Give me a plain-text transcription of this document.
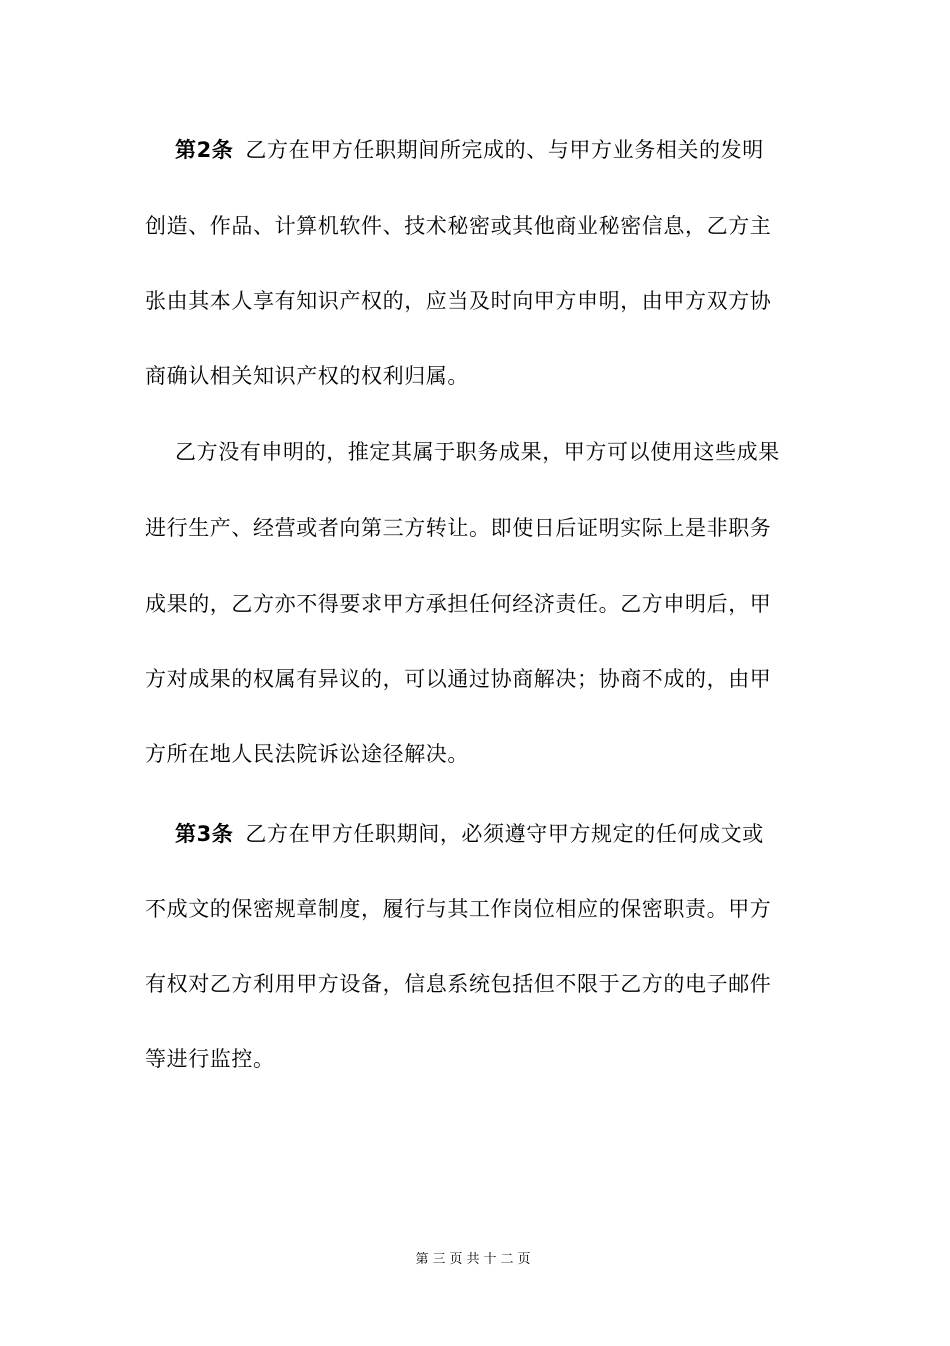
第2条 乙方在甲方任职期间所完成的、与甲方业务相关的发明
创造、作品、计算机软件、技术秘密或其他商业秘密信息，乙方主
张由其本人享有知识产权的，应当及时向甲方申明，由甲方双方协
商确认相关知识产权的权利归属。
乙方没有申明的，推定其属于职务成果，甲方可以使用这些成果
进行生产、经营或者向第三方转让。即使日后证明实际上是非职务
成果的，乙方亦不得要求甲方承担任何经济责任。乙方申明后，甲
方对成果的权属有异议的，可以通过协商解决；协商不成的，由甲
方所在地人民法院诉讼途径解决。
第3条 乙方在甲方任职期间，必须遵守甲方规定的任何成文或
不成文的保密规章制度，履行与其工作岗位相应的保密职责。甲方
有权对乙方利用甲方设备，信息系统包括但不限于乙方的电子邮件
等进行监控。
第三页共十二页
